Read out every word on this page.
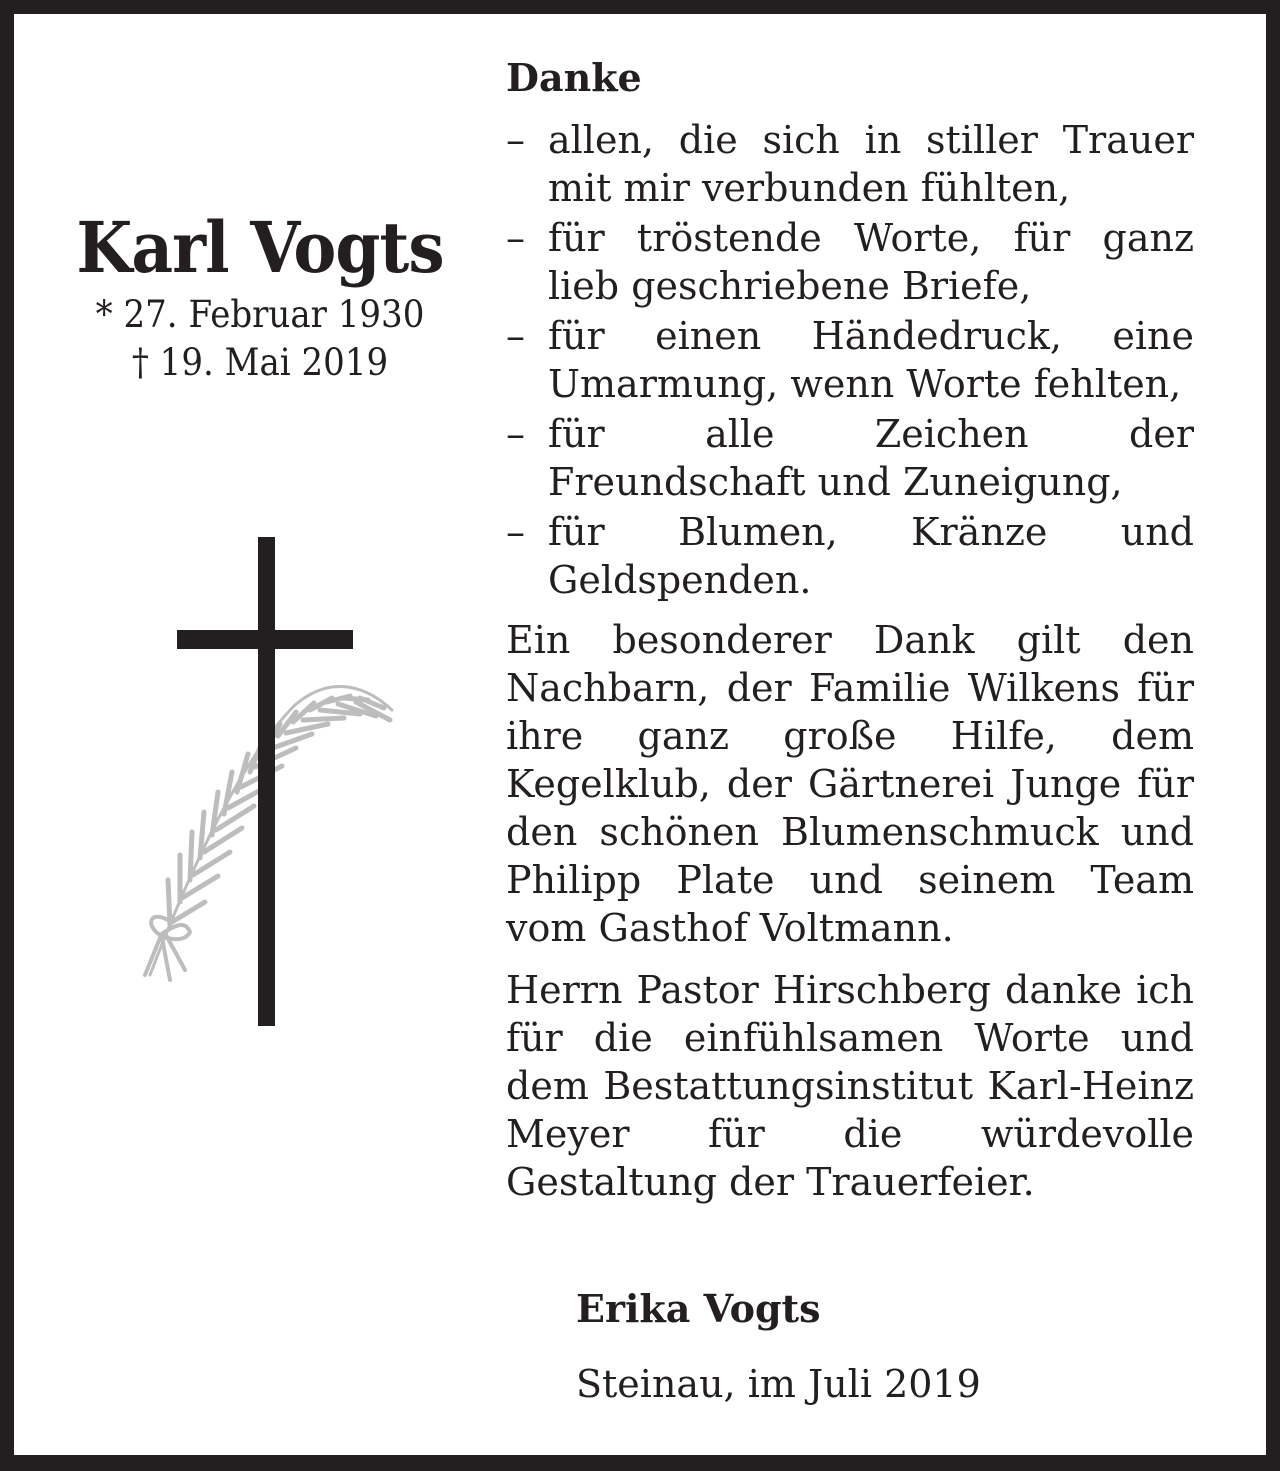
Karl Vogts

* 27. Februar 1930

† 19. Mai 2019

Danke

– allen, die sich in stiller Trauer mit mir verbunden fühlten,
– für tröstende Worte, für ganz lieb geschriebene Briefe,
– für einen Händedruck, eine Umarmung, wenn Worte fehlten,
– für alle Zeichen der Freundschaft und Zuneigung,
– für Blumen, Kränze und Geldspenden.

Ein besonderer Dank gilt den Nachbarn, der Familie Wilkens für ihre ganz große Hilfe, dem Kegelklub, der Gärtnerei Junge für den schönen Blumenschmuck und Philipp Plate und seinem Team vom Gasthof Voltmann.

Herrn Pastor Hirschberg danke ich für die einfühlsamen Worte und dem Bestattungsinstitut Karl-Heinz Meyer für die würdevolle Gestaltung der Trauerfeier.

Erika Vogts
Steinau, im Juli 2019
